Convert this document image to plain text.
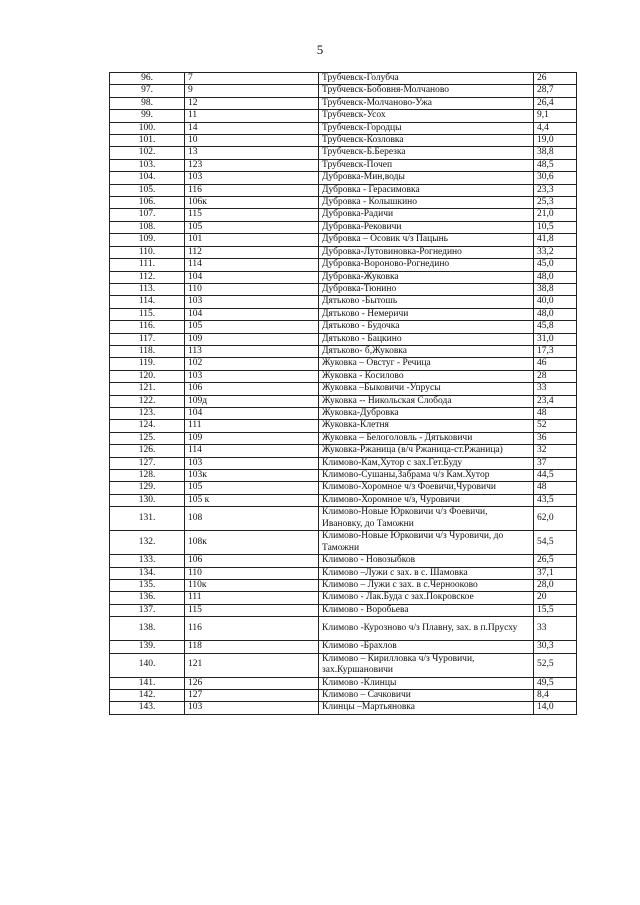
5
96.	7	Трубчевск-Голубча	26
97.	9	Трубчевск-Бобовня-Молчаново	28,7
98.	12	Трубчевск-Молчаново-Ужа	26,4
99.	11	Трубчевск-Усох	9,1
100.	14	Трубчевск-Городцы	4,4
101.	10	Трубчевск-Козловка	19,0
102.	13	Трубчевск-Б.Березка	38,8
103.	123	Трубчевск-Почеп	48,5
104.	103	Дубровка-Мин,воды	30,6
105.	116	Дубровка - Герасимовка	23,3
106.	106к	Дубровка - Колышкино	25,3
107.	115	Дубровка-Радичи	21,0
108.	105	Дубровка-Рековичи	10,5
109.	101	Дубровка – Осовик ч/з Пацынь	41,8
110.	112	Дубровка-Лутовиновка-Рогнедино	33,2
111.	114	Дубровка-Вороново-Рогнедино	45,0
112.	104	Дубровка-Жуковка	48,0
113.	110	Дубровка-Тюнино	38,8
114.	103	Дятьково -Бытошь	40,0
115.	104	Дятьково - Немеричи	48,0
116.	105	Дятьково - Будочка	45,8
117.	109	Дятьково - Бацкино	31,0
118.	113	Дятьково- б,Жуковка	17,3
119.	102	Жуковка – Овстуг - Речица	46
120.	103	Жуковка - Косилово	28
121.	106	Жуковка –Быковичи -Упрусы	33
122.	109д	Жуковка -- Никольская Слобода	23,4
123.	104	Жуковка-Дубровка	48
124.	111	Жуковка-Клетня	52
125.	109	Жуковка – Белоголовль - Дятьковичи	36
126.	114	Жуковка-Ржаница (в/ч Ржаница-ст.Ржаница)	32
127.	103	Климово-Кам,Хутор с зах.Гет.Буду	37
128.	103к	Климово-Сушаны,Забрама ч/з Кам.Хутор	44,5
129.	105	Климово-Хоромное ч/з Фоевичи,Чуровичи	48
130.	105 к	Климово-Хоромное ч/з, Чуровичи	43,5
131.	108	Климово-Новые Юрковичи ч/з Фоевичи, Ивановку, до Таможни	62,0
132.	108к	Климово-Новые Юрковичи ч/з Чуровичи, до Таможни	54,5
133.	106	Климово - Новозыбков	26,5
134.	110	Климово –Лужи с зах. в с. Шамовка	37,1
135.	110к	Климово – Лужи с зах. в с.Чернооково	28,0
136.	111	Климово - Лак.Буда с зах.Покровское	20
137.	115	Климово - Воробьева	15,5
138.	116	Климово -Курозново ч/з Плавну, зах. в п.Прусху	33
139.	118	Климово -Брахлов	30,3
140.	121	Климово – Кирилловка ч/з Чуровичи, зах.Куршановичи	52,5
141.	126	Климово -Клинцы	49,5
142.	127	Климово – Сачковичи	8,4
143.	103	Клинцы –Мартьяновка	14,0
